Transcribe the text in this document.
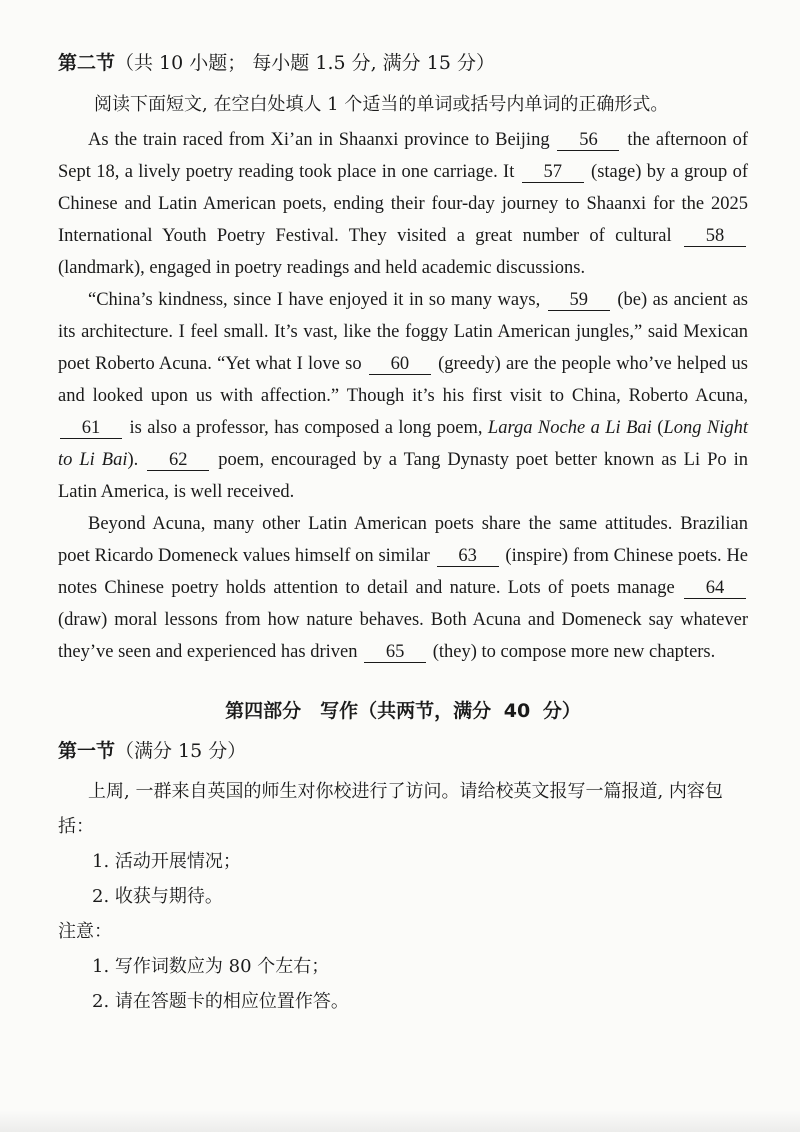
第二节（共 10 小题； 每小题 1.5 分, 满分 15 分）

阅读下面短文, 在空白处填人 1 个适当的单词或括号内单词的正确形式。

As the train raced from Xi’an in Shaanxi province to Beijing 56 the afternoon of Sept 18, a lively poetry reading took place in one carriage. It 57 (stage) by a group of Chinese and Latin American poets, ending their four-day journey to Shaanxi for the 2025 International Youth Poetry Festival. They visited a great number of cultural 58 (landmark), engaged in poetry readings and held academic discussions.

“China’s kindness, since I have enjoyed it in so many ways, 59 (be) as ancient as its architecture. I feel small. It’s vast, like the foggy Latin American jungles,” said Mexican poet Roberto Acuna. “Yet what I love so 60 (greedy) are the people who’ve helped us and looked upon us with affection.” Though it’s his first visit to China, Roberto Acuna, 61 is also a professor, has composed a long poem, Larga Noche a Li Bai (Long Night to Li Bai). 62 poem, encouraged by a Tang Dynasty poet better known as Li Po in Latin America, is well received.

Beyond Acuna, many other Latin American poets share the same attitudes. Brazilian poet Ricardo Domeneck values himself on similar 63 (inspire) from Chinese poets. He notes Chinese poetry holds attention to detail and nature. Lots of poets manage 64 (draw) moral lessons from how nature behaves. Both Acuna and Domeneck say whatever they’ve seen and experienced has driven 65 (they) to compose more new chapters.

第四部分　写作（共两节，满分 40 分）

第一节（满分 15 分）

上周, 一群来自英国的师生对你校进行了访问。请给校英文报写一篇报道, 内容包括：

1. 活动开展情况；

2. 收获与期待。

注意：

1. 写作词数应为 80 个左右；

2. 请在答题卡的相应位置作答。
